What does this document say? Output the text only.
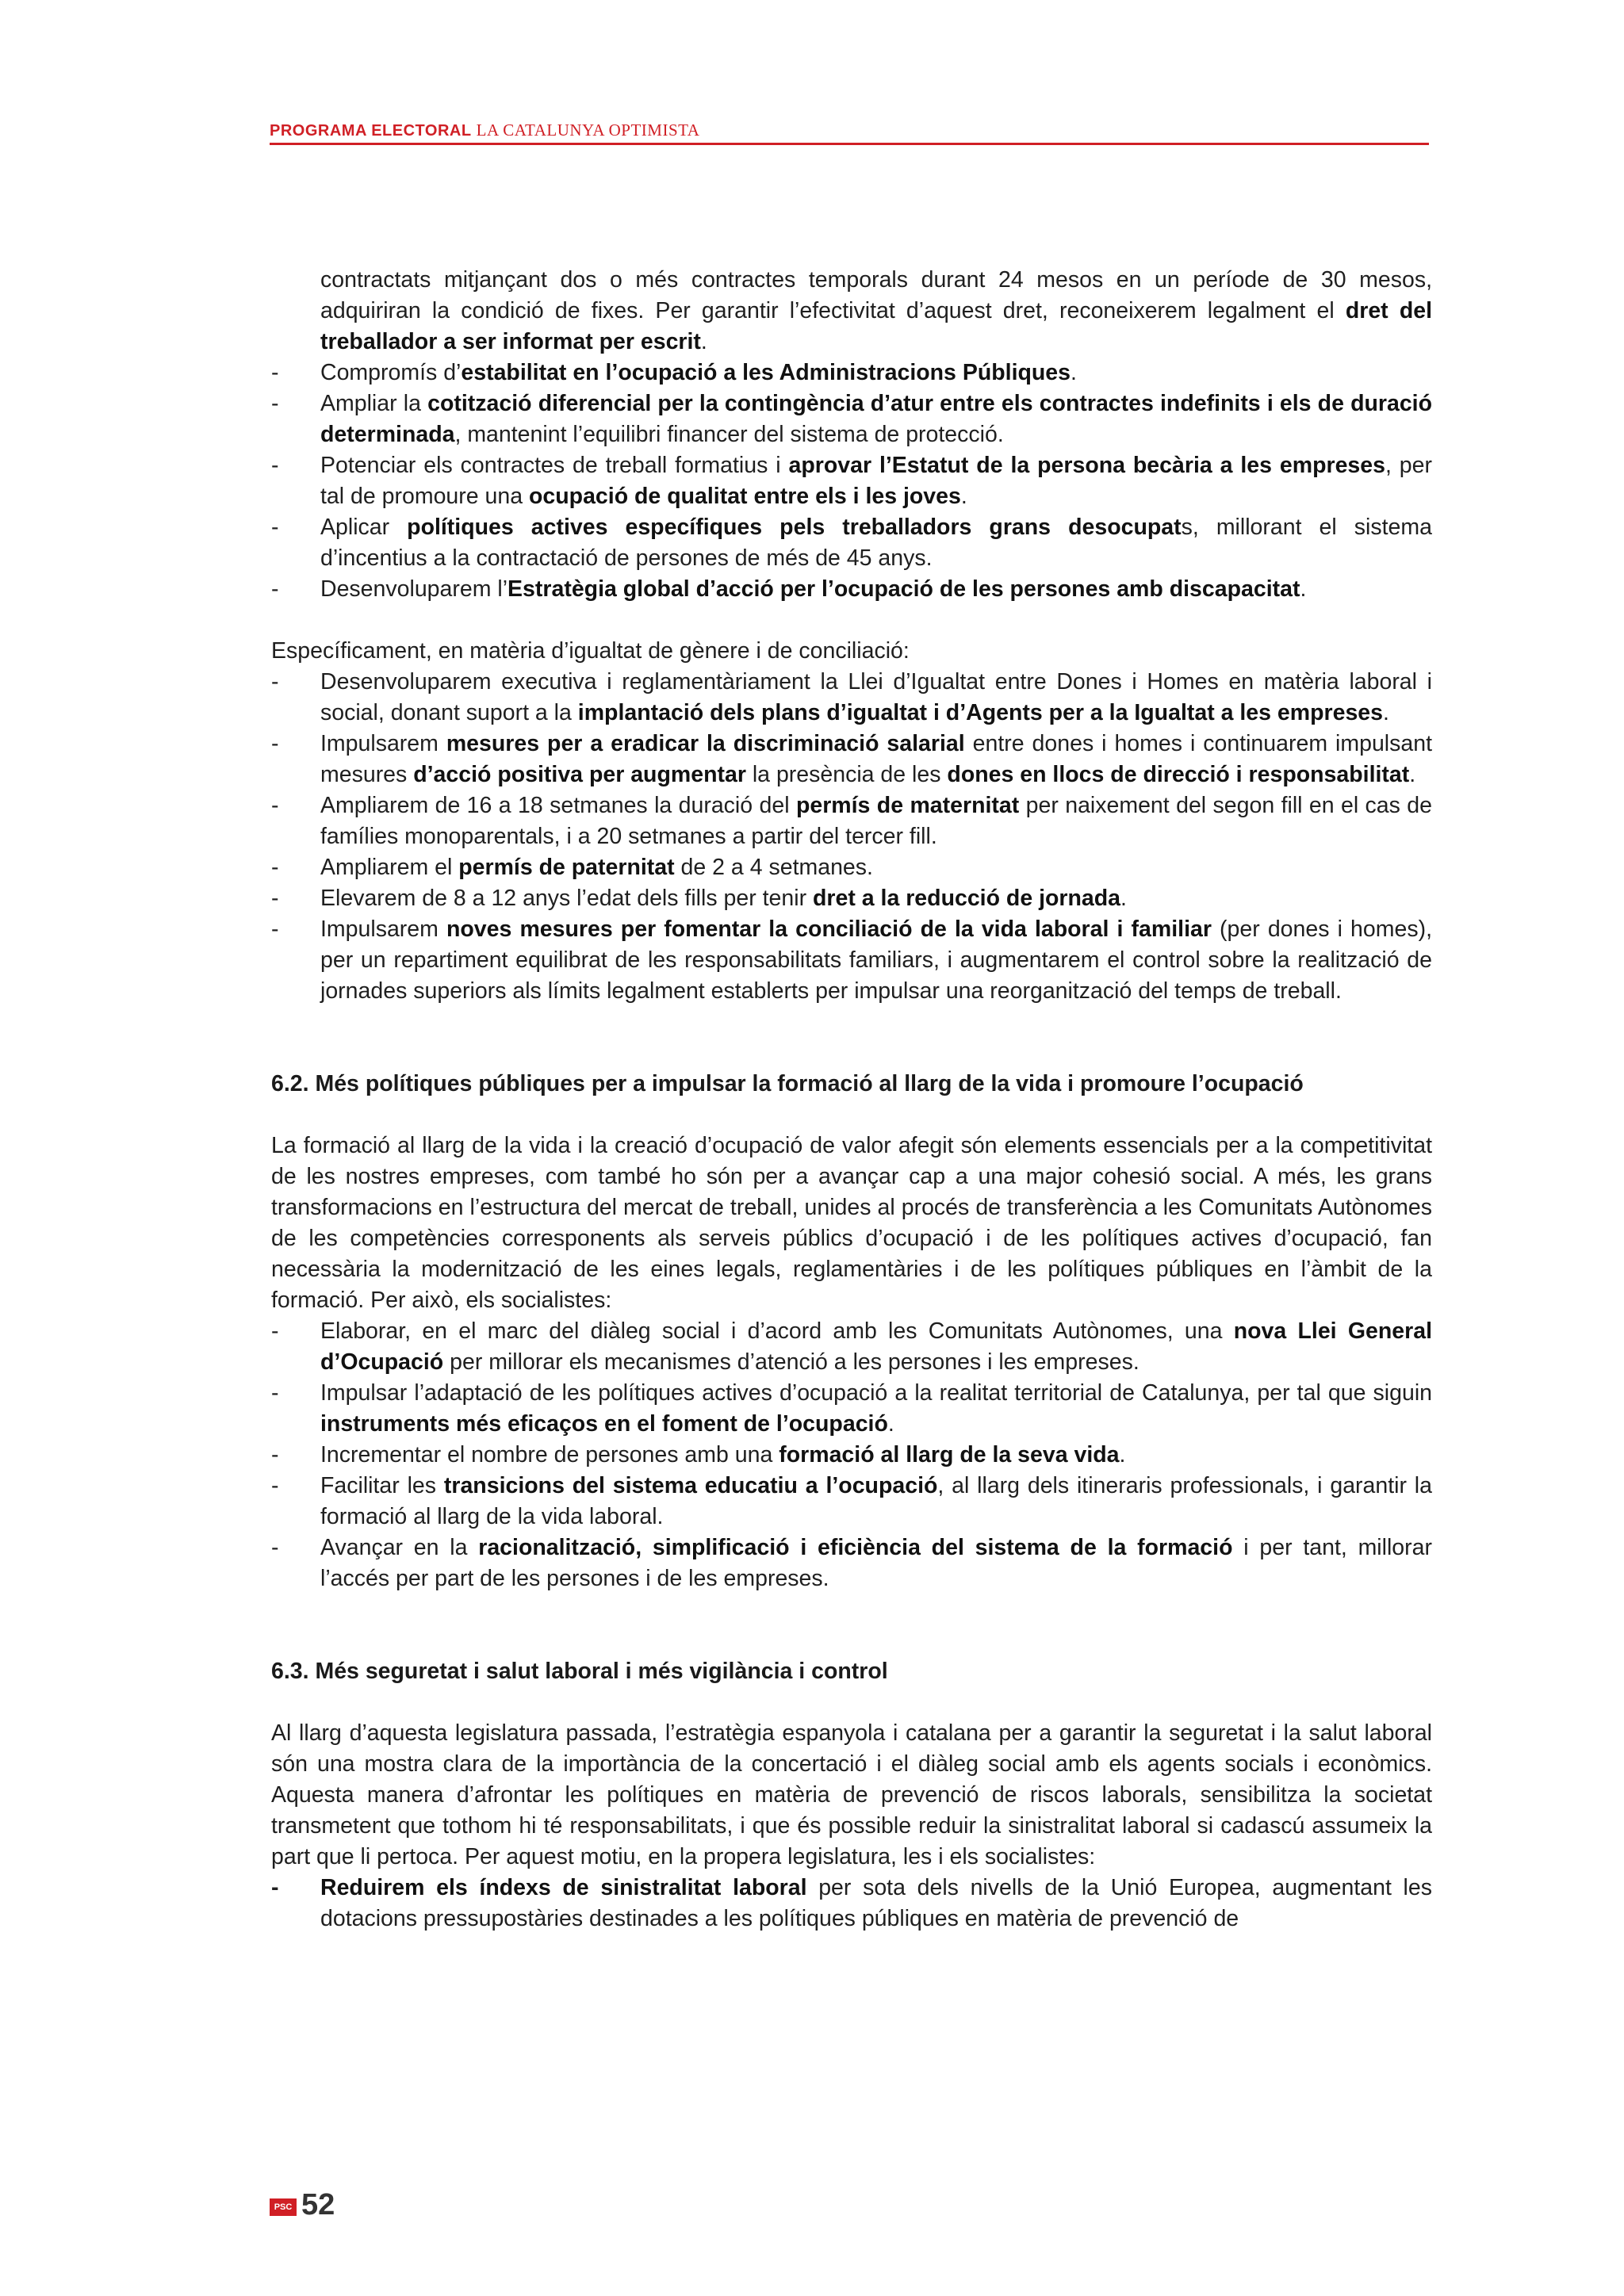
PROGRAMA ELECTORAL LA CATALUNYA OPTIMISTA

contractats mitjançant dos o més contractes temporals durant 24 mesos en un període de 30 mesos, adquiriran la condició de fixes. Per garantir l’efectivitat d’aquest dret, reconeixerem legalment el dret del treballador a ser informat per escrit.

- Compromís d’estabilitat en l’ocupació a les Administracions Públiques.
- Ampliar la cotització diferencial per la contingència d’atur entre els contractes indefinits i els de duració determinada, mantenint l’equilibri financer del sistema de protecció.
- Potenciar els contractes de treball formatius i aprovar l’Estatut de la persona becària a les empreses, per tal de promoure una ocupació de qualitat entre els i les joves.
- Aplicar polítiques actives específiques pels treballadors grans desocupats, millorant el sistema d’incentius a la contractació de persones de més de 45 anys.
- Desenvoluparem l’Estratègia global d’acció per l’ocupació de les persones amb discapacitat.

Específicament, en matèria d’igualtat de gènere i de conciliació:

- Desenvoluparem executiva i reglamentàriament la Llei d’Igualtat entre Dones i Homes en matèria laboral i social, donant suport a la implantació dels plans d’igualtat i d’Agents per a la Igualtat a les empreses.
- Impulsarem mesures per a eradicar la discriminació salarial entre dones i homes i continuarem impulsant mesures d’acció positiva per augmentar la presència de les dones en llocs de direcció i responsabilitat.
- Ampliarem de 16 a 18 setmanes la duració del permís de maternitat per naixement del segon fill en el cas de famílies monoparentals, i a 20 setmanes a partir del tercer fill.
- Ampliarem el permís de paternitat de 2 a 4 setmanes.
- Elevarem de 8 a 12 anys l’edat dels fills per tenir dret a la reducció de jornada.
- Impulsarem noves mesures per fomentar la conciliació de la vida laboral i familiar (per dones i homes), per un repartiment equilibrat de les responsabilitats familiars, i augmentarem el control sobre la realització de jornades superiors als límits legalment establerts per impulsar una reorganització del temps de treball.
6.2. Més polítiques públiques per a impulsar la formació al llarg de la vida i promoure l’ocupació

La formació al llarg de la vida i la creació d’ocupació de valor afegit són elements essencials per a la competitivitat de les nostres empreses, com també ho són per a avançar cap a una major cohesió social. A més, les grans transformacions en l’estructura del mercat de treball, unides al procés de transferència a les Comunitats Autònomes de les competències corresponents als serveis públics d’ocupació i de les polítiques actives d’ocupació, fan necessària la modernització de les eines legals, reglamentàries i de les polítiques públiques en l’àmbit de la formació. Per això, els socialistes:

- Elaborar, en el marc del diàleg social i d’acord amb les Comunitats Autònomes, una nova Llei General d’Ocupació per millorar els mecanismes d’atenció a les persones i les empreses.
- Impulsar l’adaptació de les polítiques actives d’ocupació a la realitat territorial de Catalunya, per tal que siguin instruments més eficaços en el foment de l’ocupació.
- Incrementar el nombre de persones amb una formació al llarg de la seva vida.
- Facilitar les transicions del sistema educatiu a l’ocupació, al llarg dels itineraris professionals, i garantir la formació al llarg de la vida laboral.
- Avançar en la racionalització, simplificació i eficiència del sistema de la formació i per tant, millorar l’accés per part de les persones i de les empreses.
6.3. Més seguretat i salut laboral i més vigilància i control

Al llarg d’aquesta legislatura passada, l’estratègia espanyola i catalana per a garantir la seguretat i la salut laboral són una mostra clara de la importància de la concertació i el diàleg social amb els agents socials i econòmics. Aquesta manera d’afrontar les polítiques en matèria de prevenció de riscos laborals, sensibilitza la societat transmetent que tothom hi té responsabilitats, i que és possible reduir la sinistralitat laboral si cadascú assumeix la part que li pertoca. Per aquest motiu, en la propera legislatura, les i els socialistes:

- Reduirem els índexs de sinistralitat laboral per sota dels nivells de la Unió Europea, augmentant les dotacions pressupostàries destinades a les polítiques públiques en matèria de prevenció de
PSC 52
